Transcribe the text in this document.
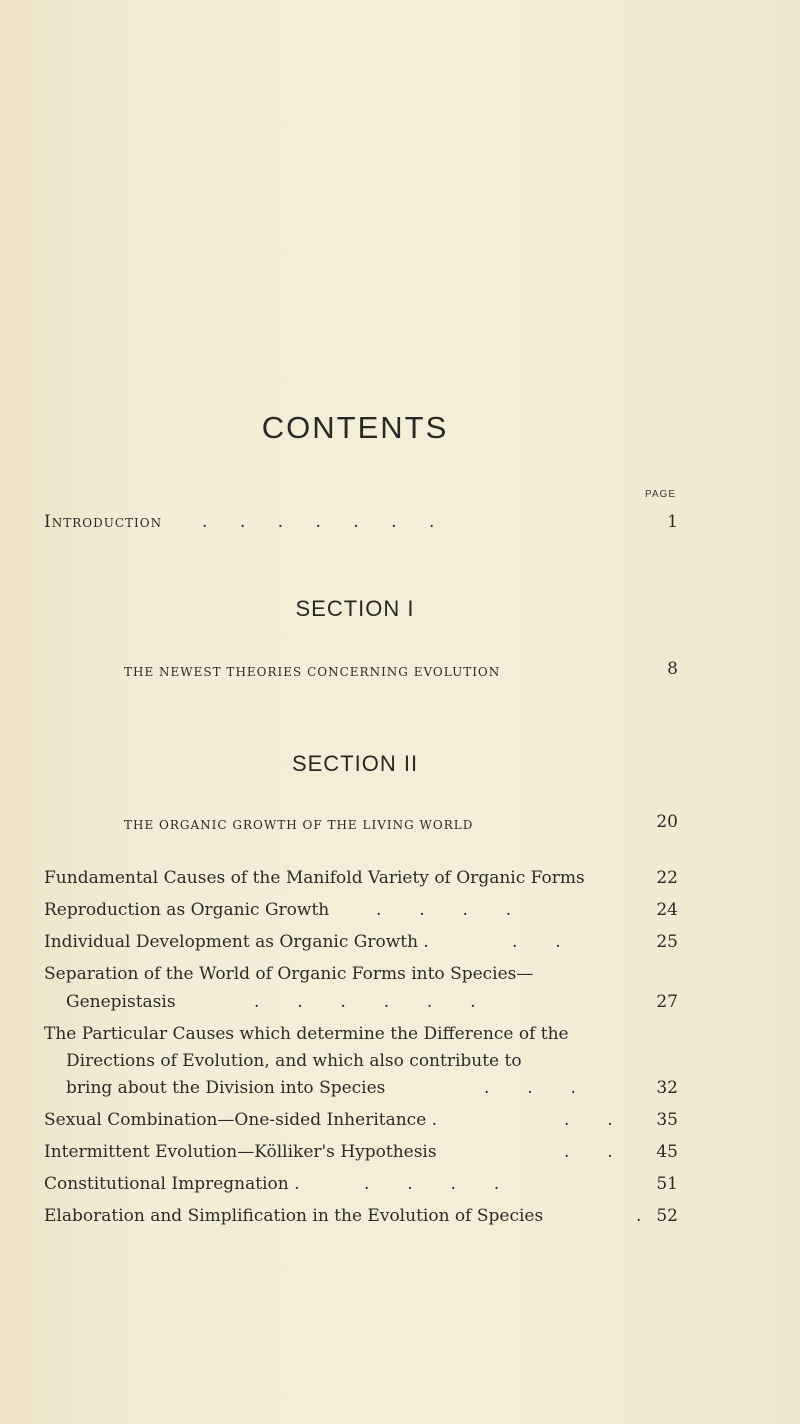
CONTENTS
PAGE
Introduction .      .      .      .      .      .      .	1
SECTION I
THE NEWEST THEORIES CONCERNING EVOLUTION	8
SECTION II
THE ORGANIC GROWTH OF THE LIVING WORLD	20
Fundamental Causes of the Manifold Variety of Organic Forms	22
Reproduction as Organic Growth	.       .       .       .	24
Individual Development as Organic Growth .	.       .	25
Separation of the World of Organic Forms into Species—
Genepistasis	.       .       .       .       .       .	27
The Particular Causes which determine the Difference of the
Directions of Evolution, and which also contribute to
bring about the Division into Species	.       .       .	32
Sexual Combination—One-sided Inheritance .	.       .	35
Intermittent Evolution—Kölliker's Hypothesis	.       .	45
Constitutional Impregnation .	.       .       .       .	51
Elaboration and Simplification in the Evolution of Species	. 52
